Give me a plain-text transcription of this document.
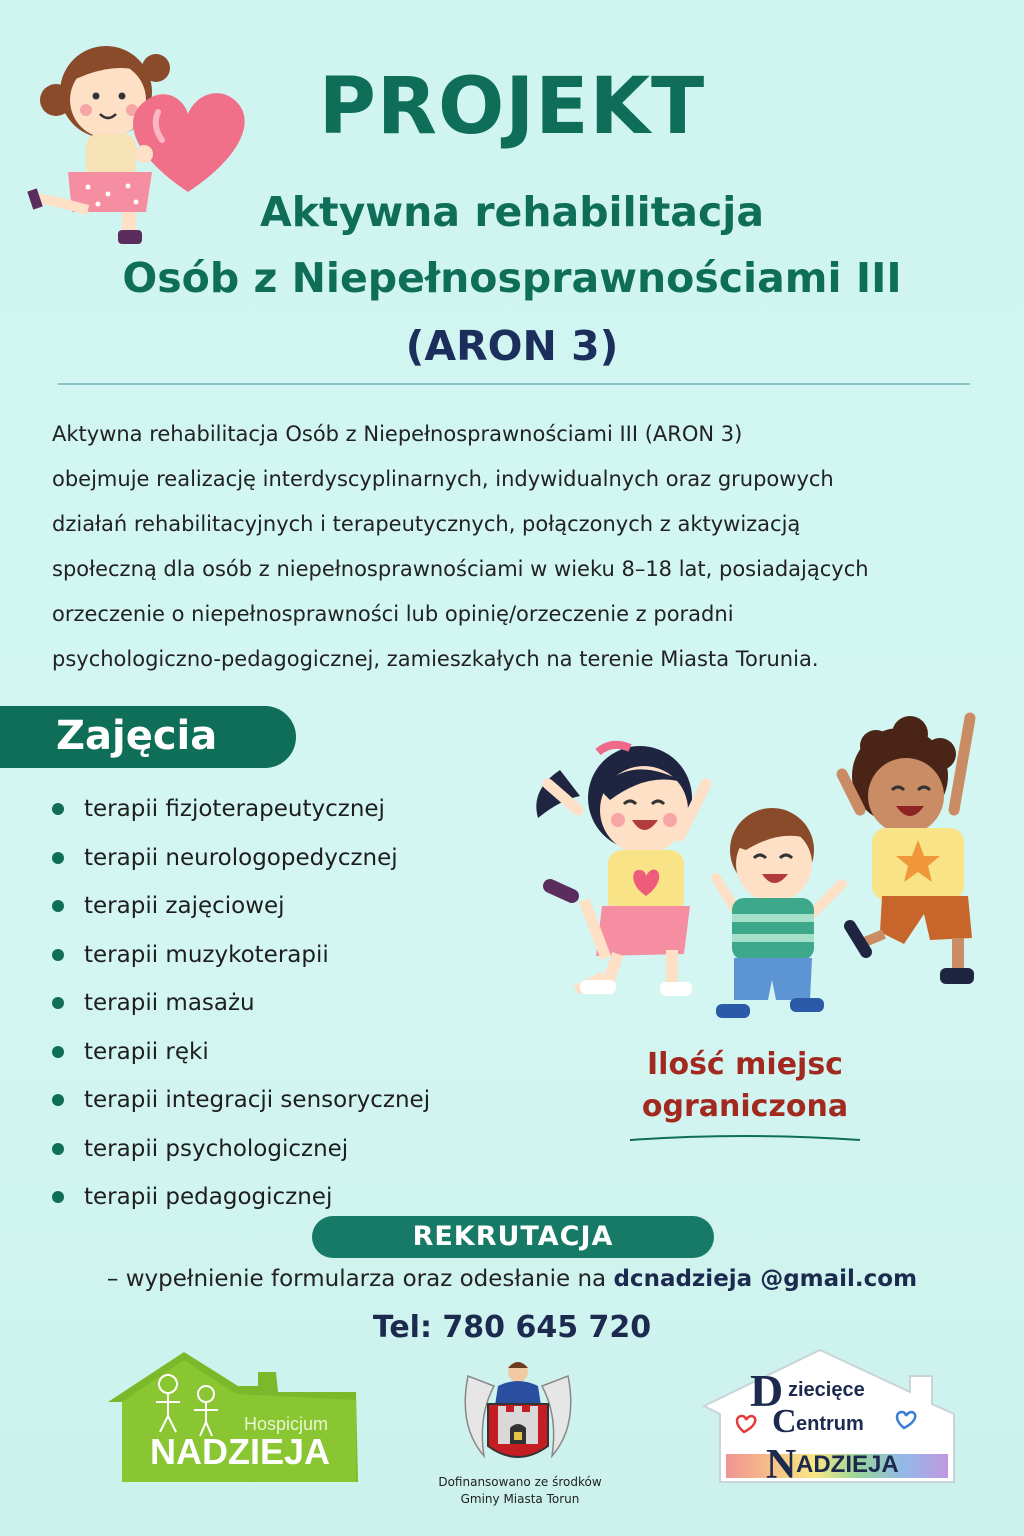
PROJEKT
Aktywna rehabilitacja
Osób z Niepełnosprawnościami III
(ARON 3)
Aktywna rehabilitacja Osób z Niepełnosprawnościami III (ARON 3)
obejmuje realizację interdyscyplinarnych, indywidualnych oraz grupowych
działań rehabilitacyjnych i terapeutycznych, połączonych z aktywizacją
społeczną dla osób z niepełnosprawnościami w wieku 8–18 lat, posiadających
orzeczenie o niepełnosprawności lub opinię/orzeczenie z poradni
psychologiczno-pedagogicznej, zamieszkałych na terenie Miasta Torunia.
Zajęcia
terapii fizjoterapeutycznej
terapii neurologopedycznej
terapii zajęciowej
terapii muzykoterapii
terapii masażu
terapii ręki
terapii integracji sensorycznej
terapii psychologicznej
terapii pedagogicznej
Ilość miejsc
ograniczona
REKRUTACJA
– wypełnienie formularza oraz odesłanie na dcnadzieja @gmail.com
Tel: 780 645 720
Hospicjum
NADZIEJA
Dofinansowano ze środków
Gminy Miasta Torun
D ziecięce
C entrum
N ADZIEJA
